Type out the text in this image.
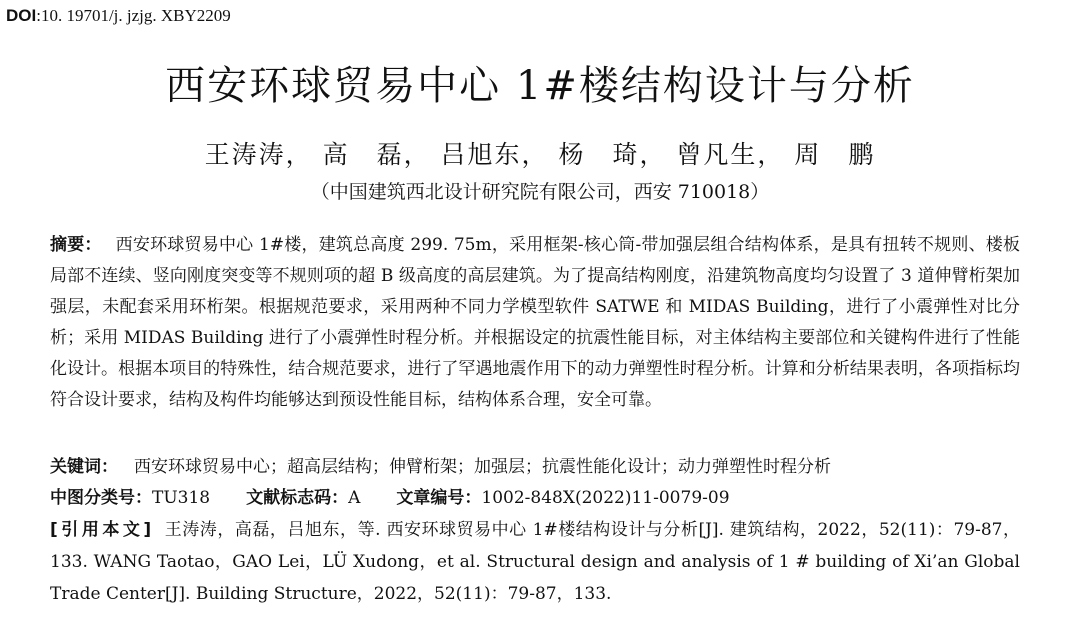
DOI:10. 19701/j. jzjg. XBY2209
西安环球贸易中心 1#楼结构设计与分析
王涛涛， 高　磊， 吕旭东， 杨　琦， 曾凡生， 周　鹏
（中国建筑西北设计研究院有限公司，西安 710018）
摘要： 西安环球贸易中心 1#楼，建筑总高度 299. 75m，采用框架-核心筒-带加强层组合结构体系，是具有扭转不规则、楼板局部不连续、竖向刚度突变等不规则项的超 B 级高度的高层建筑。为了提高结构刚度，沿建筑物高度均匀设置了 3 道伸臂桁架加强层，未配套采用环桁架。根据规范要求，采用两种不同力学模型软件 SATWE 和 MIDAS Building，进行了小震弹性对比分析；采用 MIDAS Building 进行了小震弹性时程分析。并根据设定的抗震性能目标，对主体结构主要部位和关键构件进行了性能化设计。根据本项目的特殊性，结合规范要求，进行了罕遇地震作用下的动力弹塑性时程分析。计算和分析结果表明，各项指标均符合设计要求，结构及构件均能够达到预设性能目标，结构体系合理，安全可靠。
关键词： 西安环球贸易中心；超高层结构；伸臂桁架；加强层；抗震性能化设计；动力弹塑性时程分析
中图分类号：TU318 文献标志码：A 文章编号：1002-848X(2022)11-0079-09
[引用本文] 王涛涛，高磊，吕旭东，等. 西安环球贸易中心 1#楼结构设计与分析[J]. 建筑结构，2022，52(11)：79-87，133. WANG Taotao，GAO Lei，LÜ Xudong，et al. Structural design and analysis of 1 # building of Xi’an Global Trade Center[J]. Building Structure，2022，52(11)：79-87，133.
